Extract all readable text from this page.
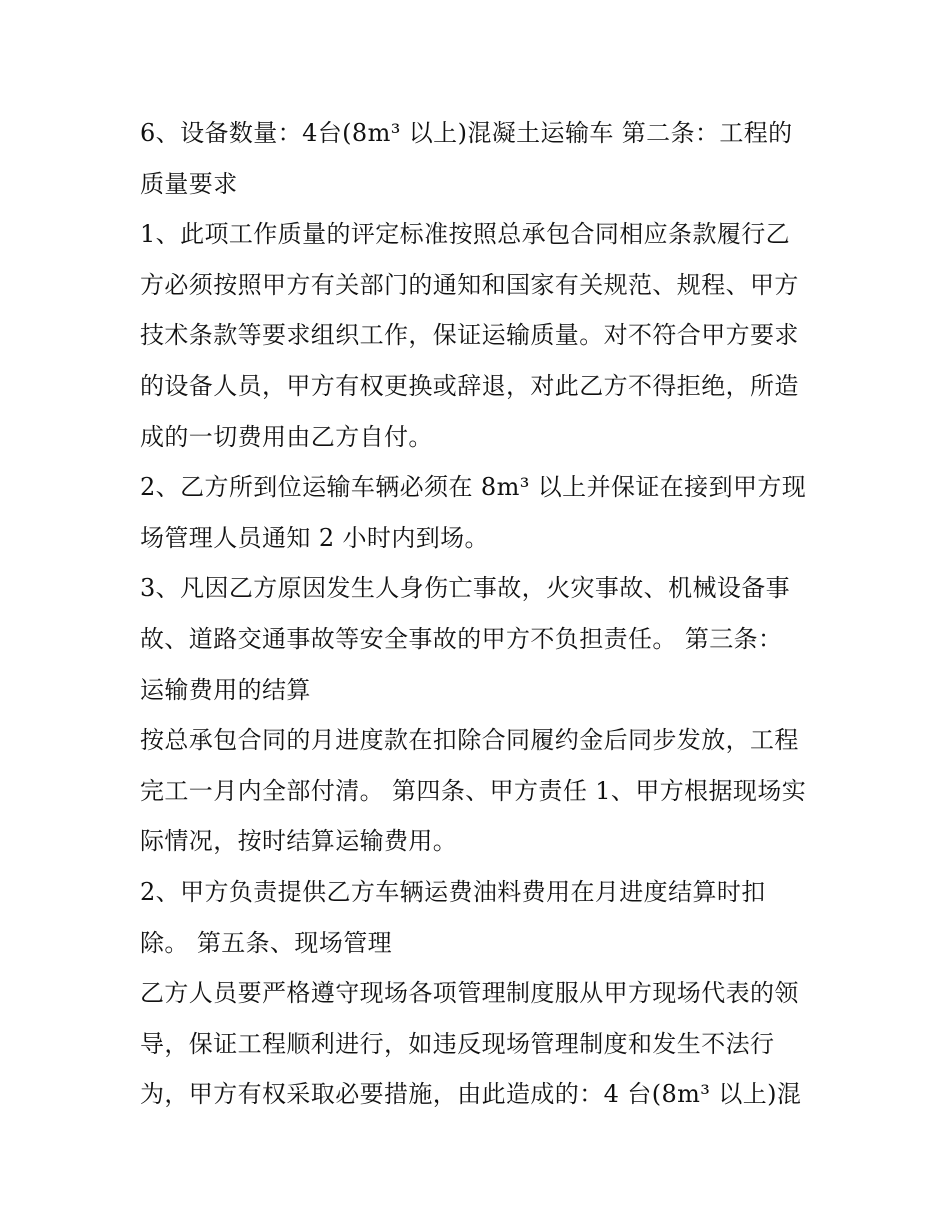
6、设备数量：4台(8m³ 以上)混凝土运输车 第二条：工程的
质量要求
1、此项工作质量的评定标准按照总承包合同相应条款履行乙
方必须按照甲方有关部门的通知和国家有关规范、规程、甲方
技术条款等要求组织工作，保证运输质量。对不符合甲方要求
的设备人员，甲方有权更换或辞退，对此乙方不得拒绝，所造
成的一切费用由乙方自付。
2、乙方所到位运输车辆必须在 8m³ 以上并保证在接到甲方现
场管理人员通知 2 小时内到场。
3、凡因乙方原因发生人身伤亡事故，火灾事故、机械设备事
故、道路交通事故等安全事故的甲方不负担责任。 第三条：
运输费用的结算
按总承包合同的月进度款在扣除合同履约金后同步发放，工程
完工一月内全部付清。 第四条、甲方责任 1、甲方根据现场实
际情况，按时结算运输费用。
2、甲方负责提供乙方车辆运费油料费用在月进度结算时扣
除。 第五条、现场管理
乙方人员要严格遵守现场各项管理制度服从甲方现场代表的领
导，保证工程顺利进行，如违反现场管理制度和发生不法行
为，甲方有权采取必要措施，由此造成的：4 台(8m³ 以上)混
